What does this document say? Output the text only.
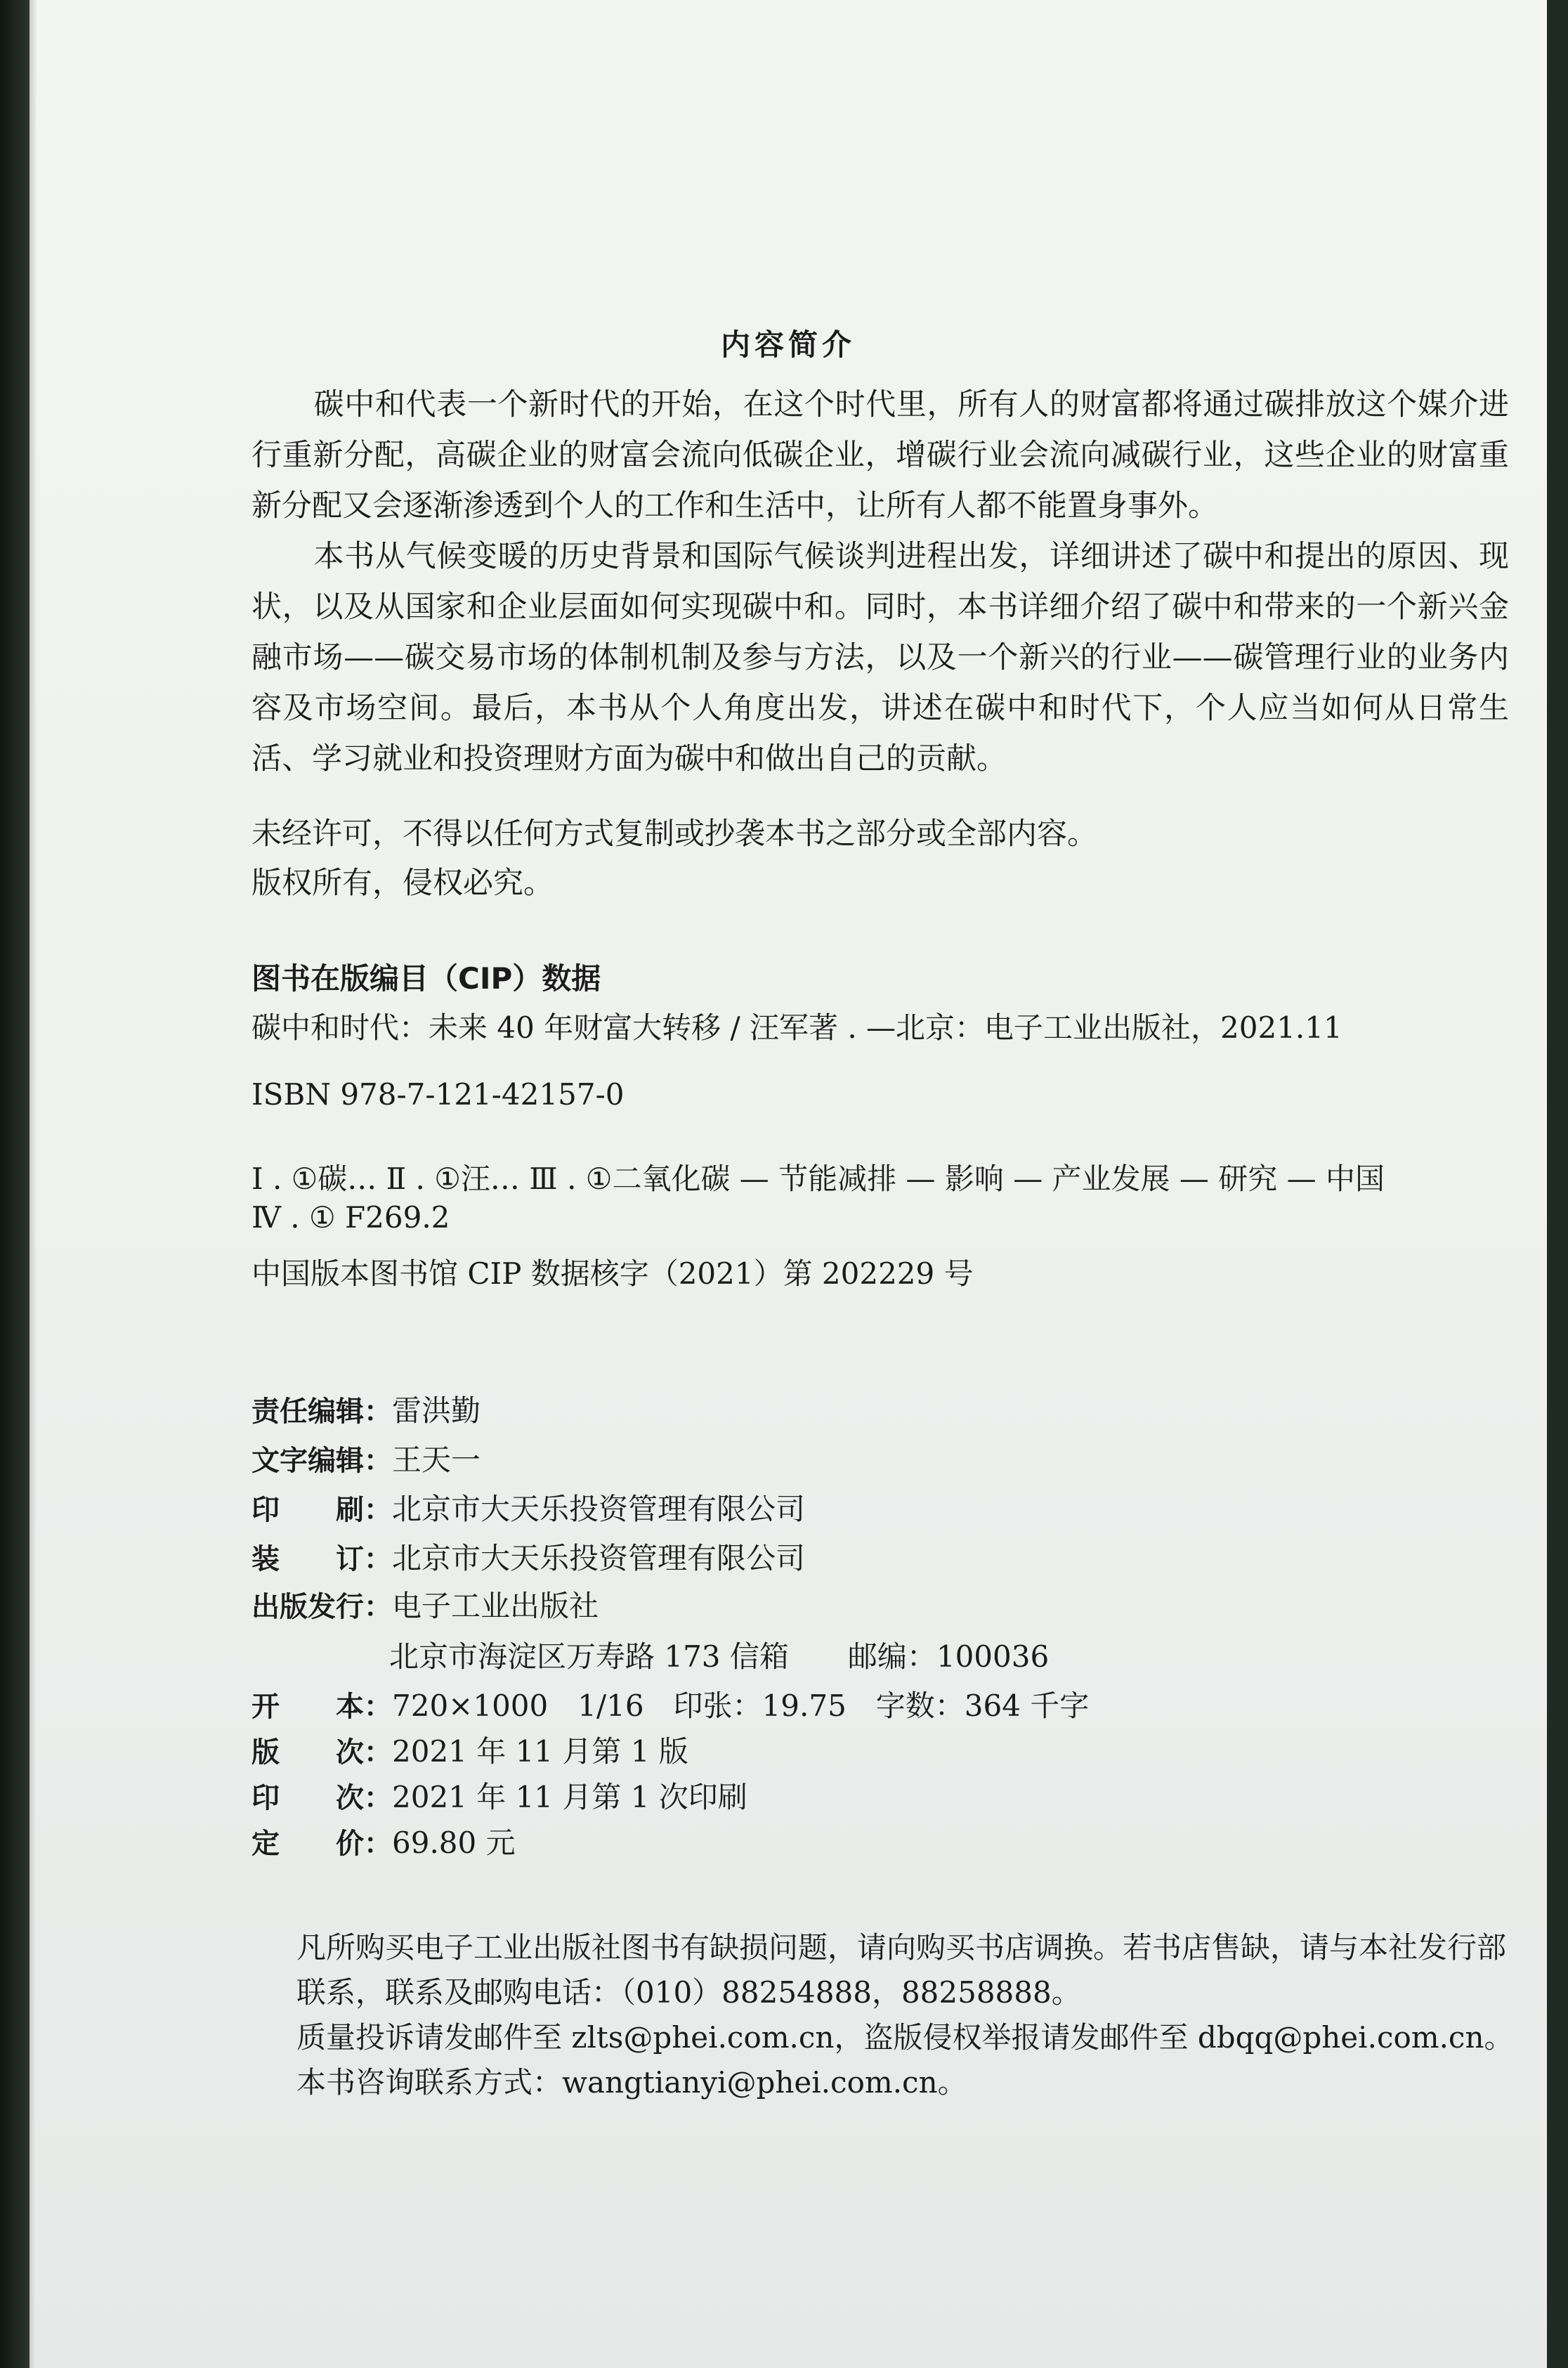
内容简介
碳中和代表一个新时代的开始，在这个时代里，所有人的财富都将通过碳排放这个媒介进行重新分配，高碳企业的财富会流向低碳企业，增碳行业会流向减碳行业，这些企业的财富重新分配又会逐渐渗透到个人的工作和生活中，让所有人都不能置身事外。
本书从气候变暖的历史背景和国际气候谈判进程出发，详细讲述了碳中和提出的原因、现状，以及从国家和企业层面如何实现碳中和。同时，本书详细介绍了碳中和带来的一个新兴金融市场——碳交易市场的体制机制及参与方法，以及一个新兴的行业——碳管理行业的业务内容及市场空间。最后，本书从个人角度出发，讲述在碳中和时代下，个人应当如何从日常生活、学习就业和投资理财方面为碳中和做出自己的贡献。
未经许可，不得以任何方式复制或抄袭本书之部分或全部内容。
版权所有，侵权必究。
图书在版编目（CIP）数据
碳中和时代：未来 40 年财富大转移 / 汪军著 . —北京：电子工业出版社，2021.11
ISBN 978-7-121-42157-0
Ⅰ . ①碳… Ⅱ . ①汪… Ⅲ . ①二氧化碳 — 节能减排 — 影响 — 产业发展 — 研究 — 中国
Ⅳ . ① F269.2
中国版本图书馆 CIP 数据核字（2021）第 202229 号
责任编辑：雷洪勤
文字编辑：王天一
印　　刷：北京市大天乐投资管理有限公司
装　　订：北京市大天乐投资管理有限公司
出版发行：电子工业出版社
北京市海淀区万寿路 173 信箱　　邮编：100036
开　　本：720×1000　1/16　印张：19.75　字数：364 千字
版　　次：2021 年 11 月第 1 版
印　　次：2021 年 11 月第 1 次印刷
定　　价：69.80 元
凡所购买电子工业出版社图书有缺损问题，请向购买书店调换。若书店售缺，请与本社发行部联系，联系及邮购电话：（010）88254888，88258888。
质量投诉请发邮件至 zlts@phei.com.cn，盗版侵权举报请发邮件至 dbqq@phei.com.cn。
本书咨询联系方式：wangtianyi@phei.com.cn。
